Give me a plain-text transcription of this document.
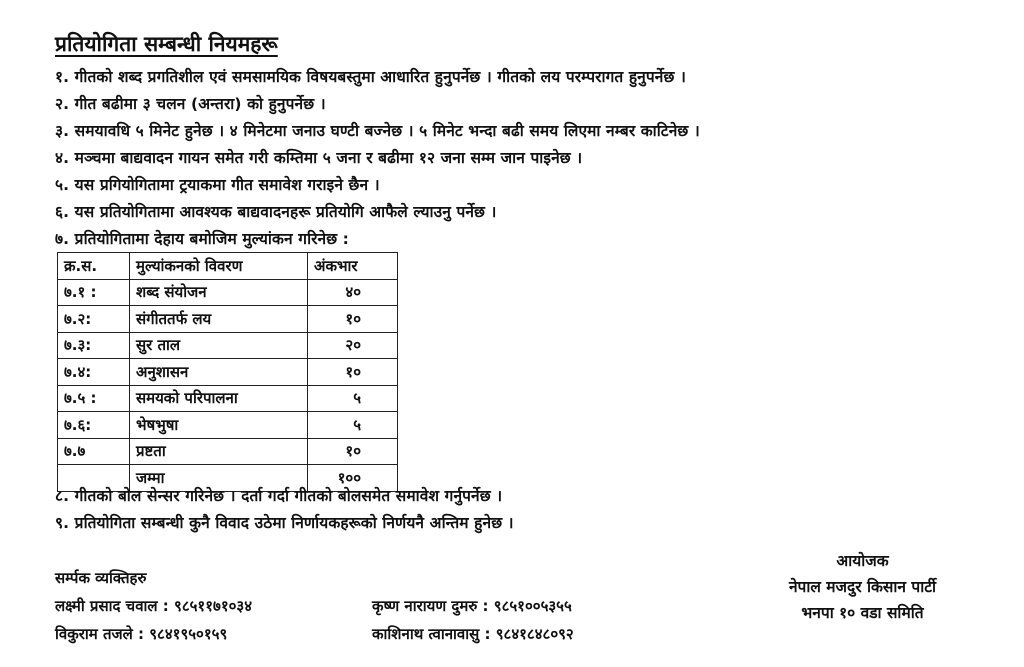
प्रतियोगिता सम्बन्धी नियमहरू
१. गीतको शब्द प्रगतिशील एवं समसामयिक विषयबस्तुमा आधारित हुनुपर्नेछ । गीतको लय परम्परागत हुनुपर्नेछ ।
२. गीत बढीमा ३ चलन (अन्तरा) को हुनुपर्नेछ ।
३. समयावधि ५ मिनेट हुनेछ । ४ मिनेटमा जनाउ घण्टी बज्नेछ । ५ मिनेट भन्दा बढी समय लिएमा नम्बर काटिनेछ ।
४. मञ्चमा बाद्यवादन गायन समेत गरी कम्तिमा ५ जना र बढीमा १२ जना सम्म जान पाइनेछ ।
५. यस प्रगियोगितामा ट्रयाकमा गीत समावेश गराइने छैन ।
६. यस प्रतियोगितामा आवश्यक बाद्यवादनहरू प्रतियोगि आफैले ल्याउनु पर्नेछ ।
७. प्रतियोगितामा देहाय बमोजिम मुल्यांकन गरिनेछ :
क्र.स.	मुल्यांकनको विवरण	अंकभार
७.१ :	शब्द संयोजन	४०
७.२:	संगीततर्फ लय	१०
७.३:	सुर ताल	२०
७.४:	अनुशासन	१०
७.५ :	समयको परिपालना	५
७.६:	भेषभुषा	५
७.७	प्रष्टता	१०
	जम्मा	१००
८. गीतको बोल सेन्सर गरिनेछ । दर्ता गर्दा गीतको बोलसमेत समावेश गर्नुपर्नेछ ।
९. प्रतियोगिता सम्बन्धी कुनै विवाद उठेमा निर्णायकहरूको निर्णयनै अन्तिम हुनेछ ।
सर्म्पक व्यक्तिहरु
लक्ष्मी प्रसाद चवाल : ९८५११७१०३४
विकुराम तजले : ९८४१९५०१५९
कृष्ण नारायण दुमरु : ९८५१००५३५५
काशिनाथ त्वानावासु : ९८४१८४८०९२
आयोजक
नेपाल मजदुर किसान पार्टी
भनपा १० वडा समिति
